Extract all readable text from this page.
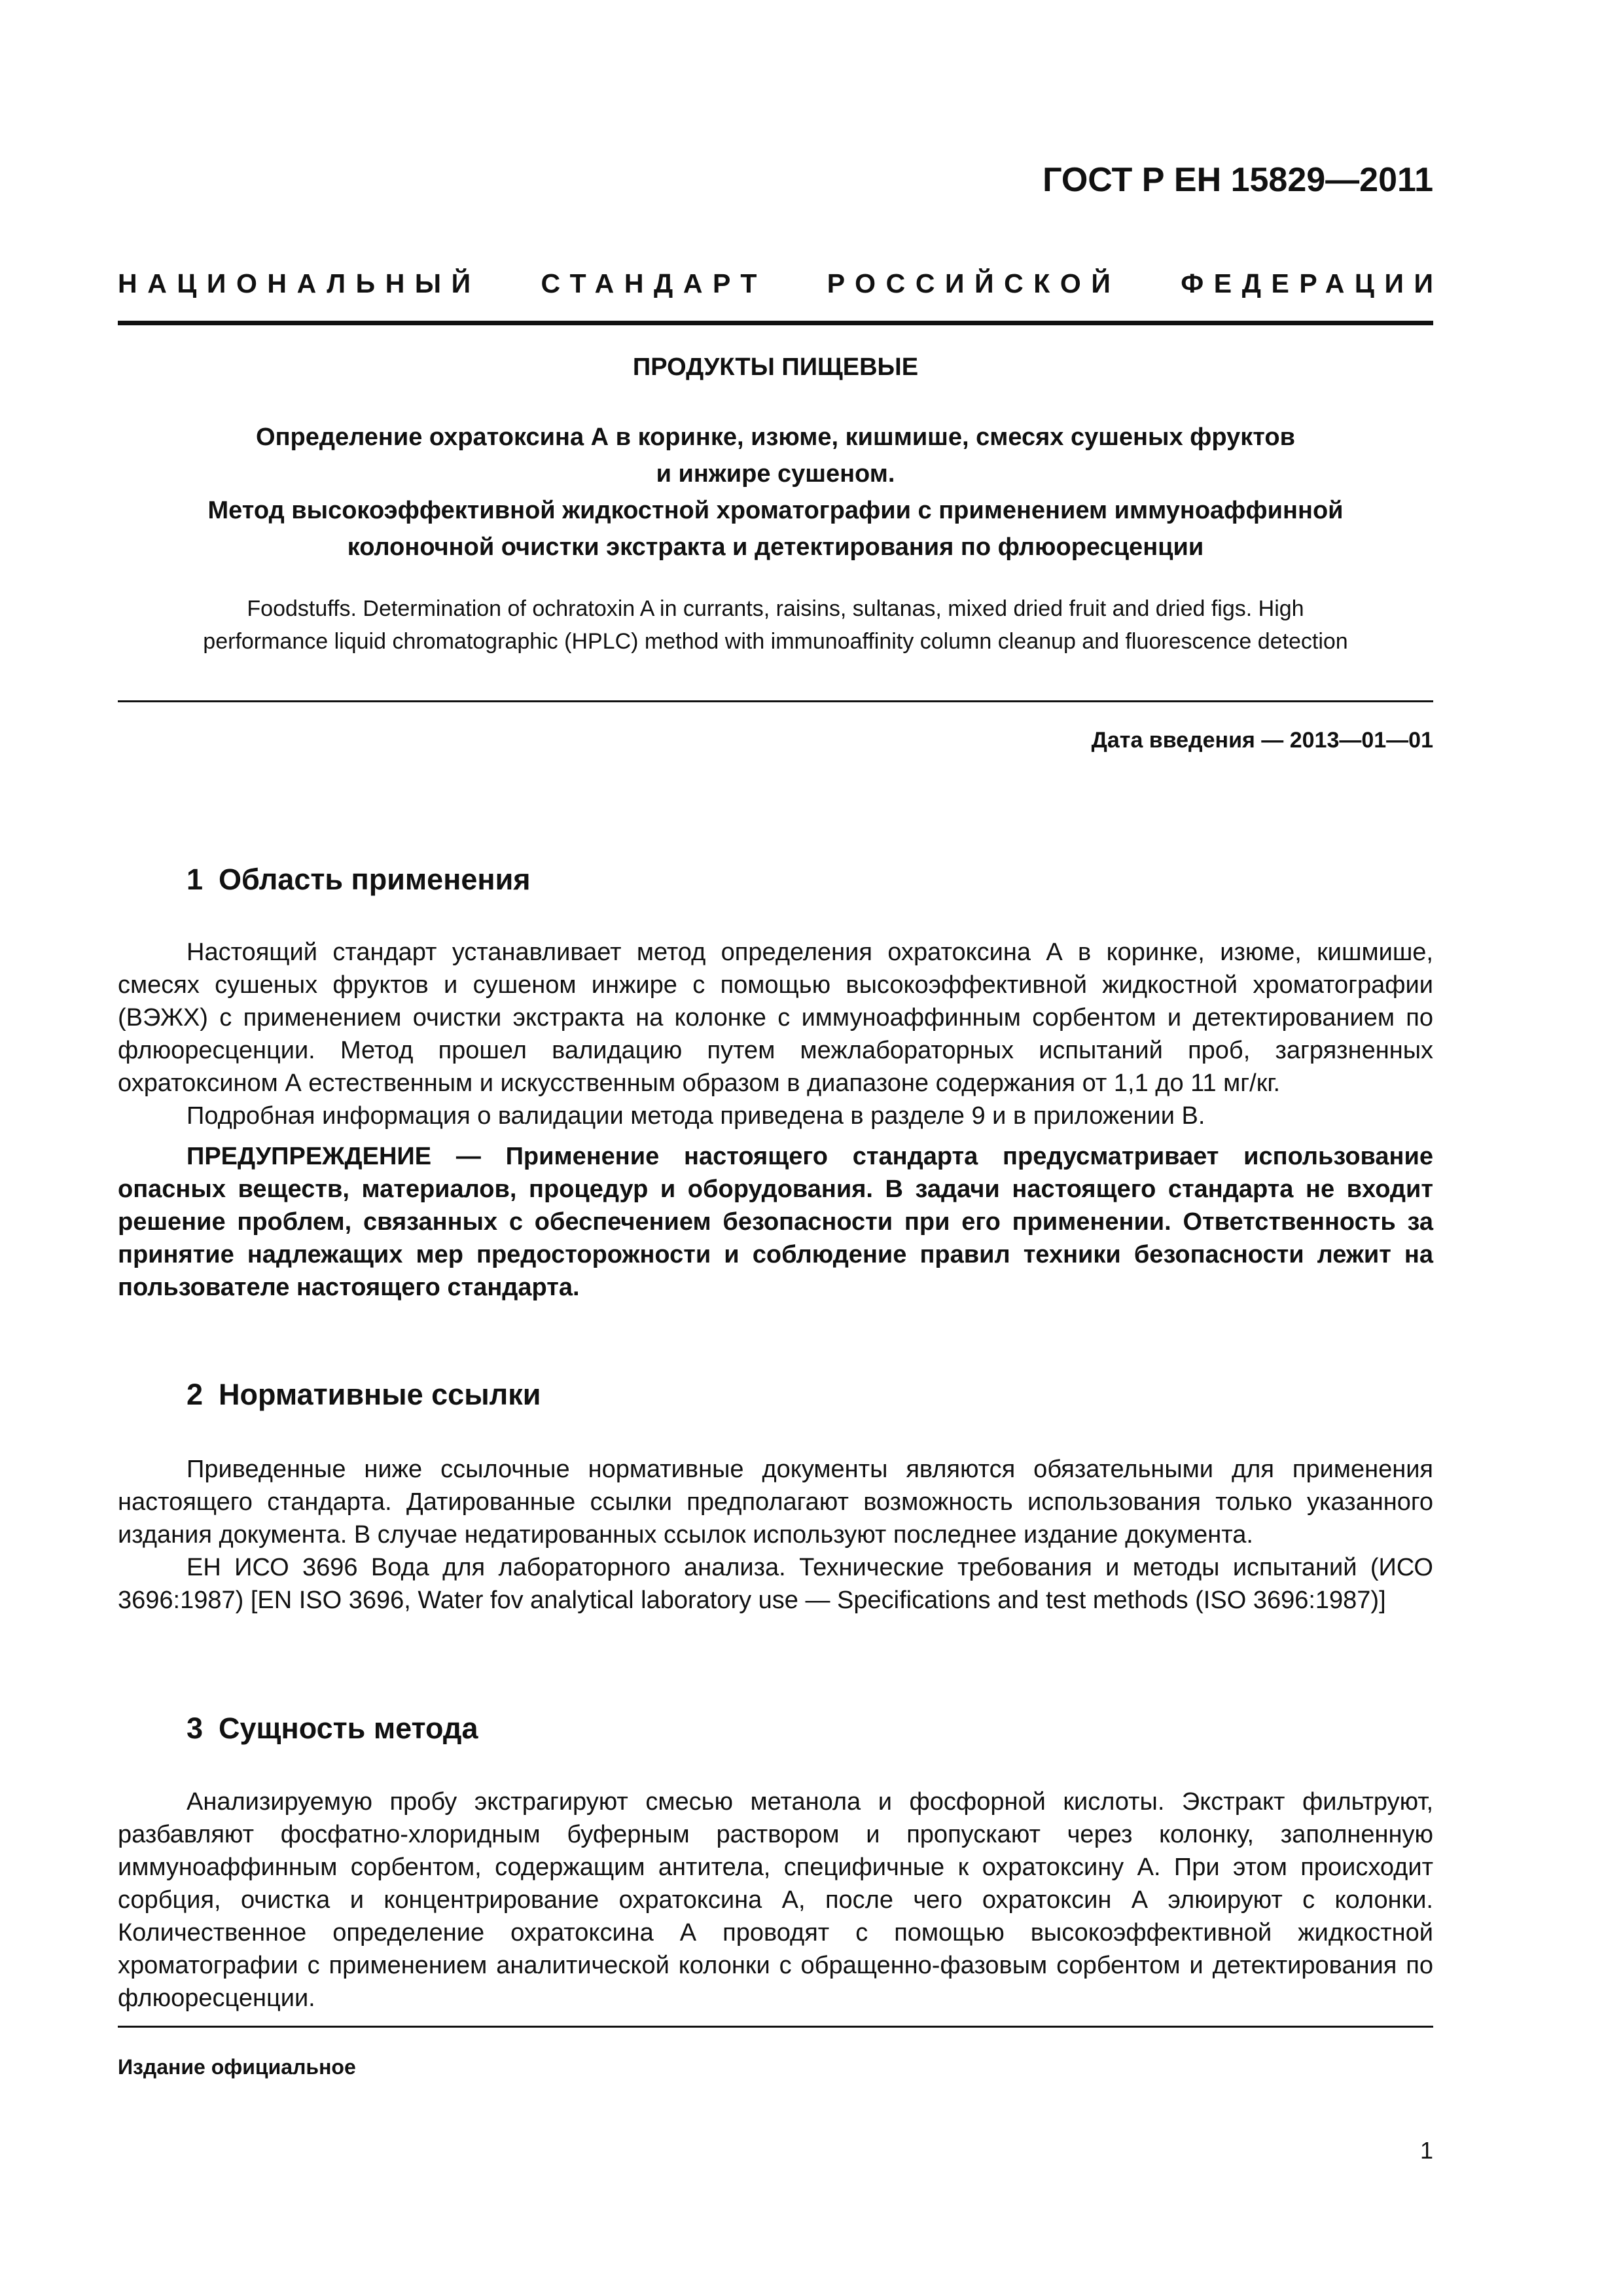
ГОСТ Р ЕН 15829—2011
НАЦИОНАЛЬНЫЙ СТАНДАРТ РОССИЙСКОЙ ФЕДЕРАЦИИ
ПРОДУКТЫ ПИЩЕВЫЕ
Определение охратоксина А в коринке, изюме, кишмише, смесях сушеных фруктов
и инжире сушеном.
Метод высокоэффективной жидкостной хроматографии с применением иммуноаффинной
колоночной очистки экстракта и детектирования по флюоресценции
Foodstuffs. Determination of ochratoxin A in currants, raisins, sultanas, mixed dried fruit and dried figs. High
performance liquid chromatographic (HPLC) method with immunoaffinity column cleanup and fluorescence detection
Дата введения — 2013—01—01
1 Область применения

Настоящий стандарт устанавливает метод определения охратоксина А в коринке, изюме, кишмише, смесях сушеных фруктов и сушеном инжире с помощью высокоэффективной жидкостной хроматографии (ВЭЖХ) с применением очистки экстракта на колонке с иммуноаффинным сорбентом и детектированием по флюоресценции. Метод прошел валидацию путем межлабораторных испытаний проб, загрязненных охратоксином А естественным и искусственным образом в диапазоне содержания от 1,1 до 11 мг/кг.

Подробная информация о валидации метода приведена в разделе 9 и в приложении В.

ПРЕДУПРЕЖДЕНИЕ — Применение настоящего стандарта предусматривает использование опасных веществ, материалов, процедур и оборудования. В задачи настоящего стандарта не входит решение проблем, связанных с обеспечением безопасности при его применении. Ответственность за принятие надлежащих мер предосторожности и соблюдение правил техники безопасности лежит на пользователе настоящего стандарта.

2 Нормативные ссылки

Приведенные ниже ссылочные нормативные документы являются обязательными для применения настоящего стандарта. Датированные ссылки предполагают возможность использования только указанного издания документа. В случае недатированных ссылок используют последнее издание документа.

ЕН ИСО 3696 Вода для лабораторного анализа. Технические требования и методы испытаний (ИСО 3696:1987) [EN ISO 3696, Water fov analytical laboratory use — Specifications and test methods (ISO 3696:1987)]

3 Сущность метода

Анализируемую пробу экстрагируют смесью метанола и фосфорной кислоты. Экстракт фильтруют, разбавляют фосфатно-хлоридным буферным раствором и пропускают через колонку, заполненную иммуноаффинным сорбентом, содержащим антитела, специфичные к охратоксину А. При этом происходит сорбция, очистка и концентрирование охратоксина А, после чего охратоксин А элюируют с колонки. Количественное определение охратоксина А проводят с помощью высокоэффективной жидкостной хроматографии с применением аналитической колонки с обращенно-фазовым сорбентом и детектирования по флюоресценции.

Издание официальное
1
